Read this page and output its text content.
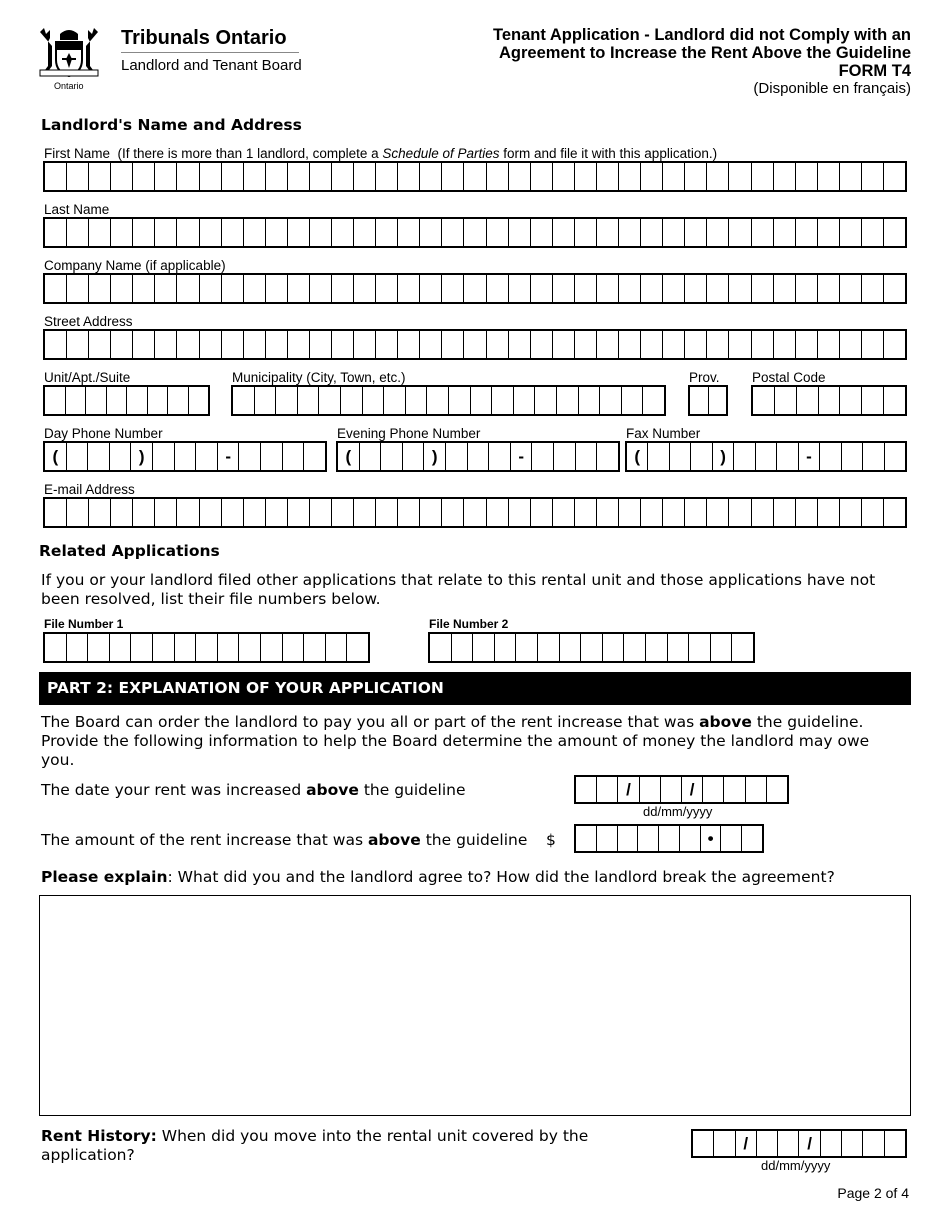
Ontario
Tribunals Ontario
Landlord and Tenant Board
Tenant Application - Landlord did not Comply with an
Agreement to Increase the Rent Above the Guideline
FORM T4
(Disponible en français)
Landlord's Name and Address
First Name (If there is more than 1 landlord, complete a Schedule of Parties form and file it with this application.)
Last Name
Company Name (if applicable)
Street Address
Unit/Apt./Suite	Municipality (City, Town, etc.)	Prov. Postal Code
Day Phone Number
(	)	-
Evening Phone Number
(	)	-
Fax Number
(	)	-
E-mail Address
Related Applications
If you or your landlord filed other applications that relate to this rental unit and those applications have not been resolved, list their file numbers below.
File Number 1	File Number 2
PART 2: EXPLANATION OF YOUR APPLICATION
The Board can order the landlord to pay you all or part of the rent increase that was above the guideline. Provide the following information to help the Board determine the amount of money the landlord may owe you.
The date your rent was increased above the guideline	/	/
dd/mm/yyyy
The amount of the rent increase that was above the guideline $	•
Please explain: What did you and the landlord agree to? How did the landlord break the agreement?
Rent History: When did you move into the rental unit covered by the application?
/	/
dd/mm/yyyy
Page 2 of 4
